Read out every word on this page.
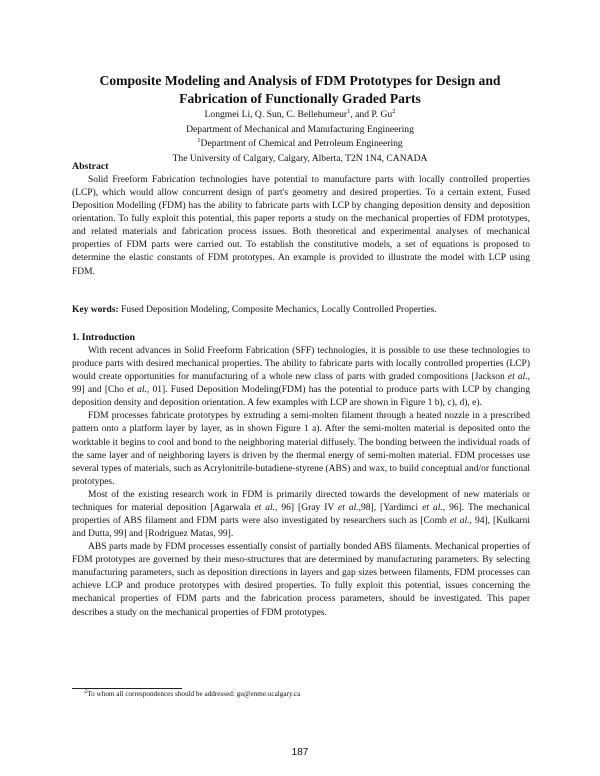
Composite Modeling and Analysis of FDM Prototypes for Design and
Fabrication of Functionally Graded Parts
Longmei Li, Q. Sun, C. Bellehumeur$^1$, and P. Gu$^2$
Department of Mechanical and Manufacturing Engineering
$^1$Department of Chemical and Petroleum Engineering
The University of Calgary, Calgary, Alberta, T2N 1N4, CANADA
Abstract

Solid Freeform Fabrication technologies have potential to manufacture parts with locally controlled properties (LCP), which would allow concurrent design of part's geometry and desired properties. To a certain extent, Fused Deposition Modelling (FDM) has the ability to fabricate parts with LCP by changing deposition density and deposition orientation. To fully exploit this potential, this paper reports a study on the mechanical properties of FDM prototypes, and related materials and fabrication process issues. Both theoretical and experimental analyses of mechanical properties of FDM parts were carried out. To establish the constitutive models, a set of equations is proposed to determine the elastic constants of FDM prototypes. An example is provided to illustrate the model with LCP using FDM.

Key words: Fused Deposition Modeling, Composite Mechanics, Locally Controlled Properties.
1. Introduction

With recent advances in Solid Freeform Fabrication (SFF) technologies, it is possible to use these technologies to produce parts with desired mechanical properties. The ability to fabricate parts with locally controlled properties (LCP) would create opportunities for manufacturing of a whole new class of parts with graded compositions [Jackson et al., 99] and [Cho et al., 01]. Fused Deposition Modeling(FDM) has the potential to produce parts with LCP by changing deposition density and deposition orientation. A few examples with LCP are shown in Figure 1 b), c), d), e).

FDM processes fabricate prototypes by extruding a semi-molten filament through a heated nozzle in a prescribed pattern onto a platform layer by layer, as in shown Figure 1 a). After the semi-molten material is deposited onto the worktable it begins to cool and bond to the neighboring material diffusely. The bonding between the individual roads of the same layer and of neighboring layers is driven by the thermal energy of semi-molten material. FDM processes use several types of materials, such as Acrylonitrile-butadiene-styrene (ABS) and wax, to build conceptual and/or functional prototypes.

Most of the existing research work in FDM is primarily directed towards the development of new materials or techniques for material deposition [Agarwala et al., 96] [Gray IV et al.,98], [Yardimci et al., 96]. The mechanical properties of ABS filament and FDM parts were also investigated by researchers such as [Comb et al., 94], [Kulkarni and Dutta, 99] and [Rodriguez Matas, 99].

ABS parts made by FDM processes essentially consist of partially bonded ABS filaments. Mechanical properties of FDM prototypes are governed by their meso-structures that are determined by manufacturing parameters. By selecting manufacturing parameters, such as deposition directions in layers and gap sizes between filaments, FDM processes can achieve LCP and produce prototypes with desired properties. To fully exploit this potential, issues concerning the mechanical properties of FDM parts and the fabrication process parameters, should be investigated. This paper describes a study on the mechanical properties of FDM prototypes.

$^2$To whom all correspondences should be addressed: gu@enme.ucalgary.ca
187
